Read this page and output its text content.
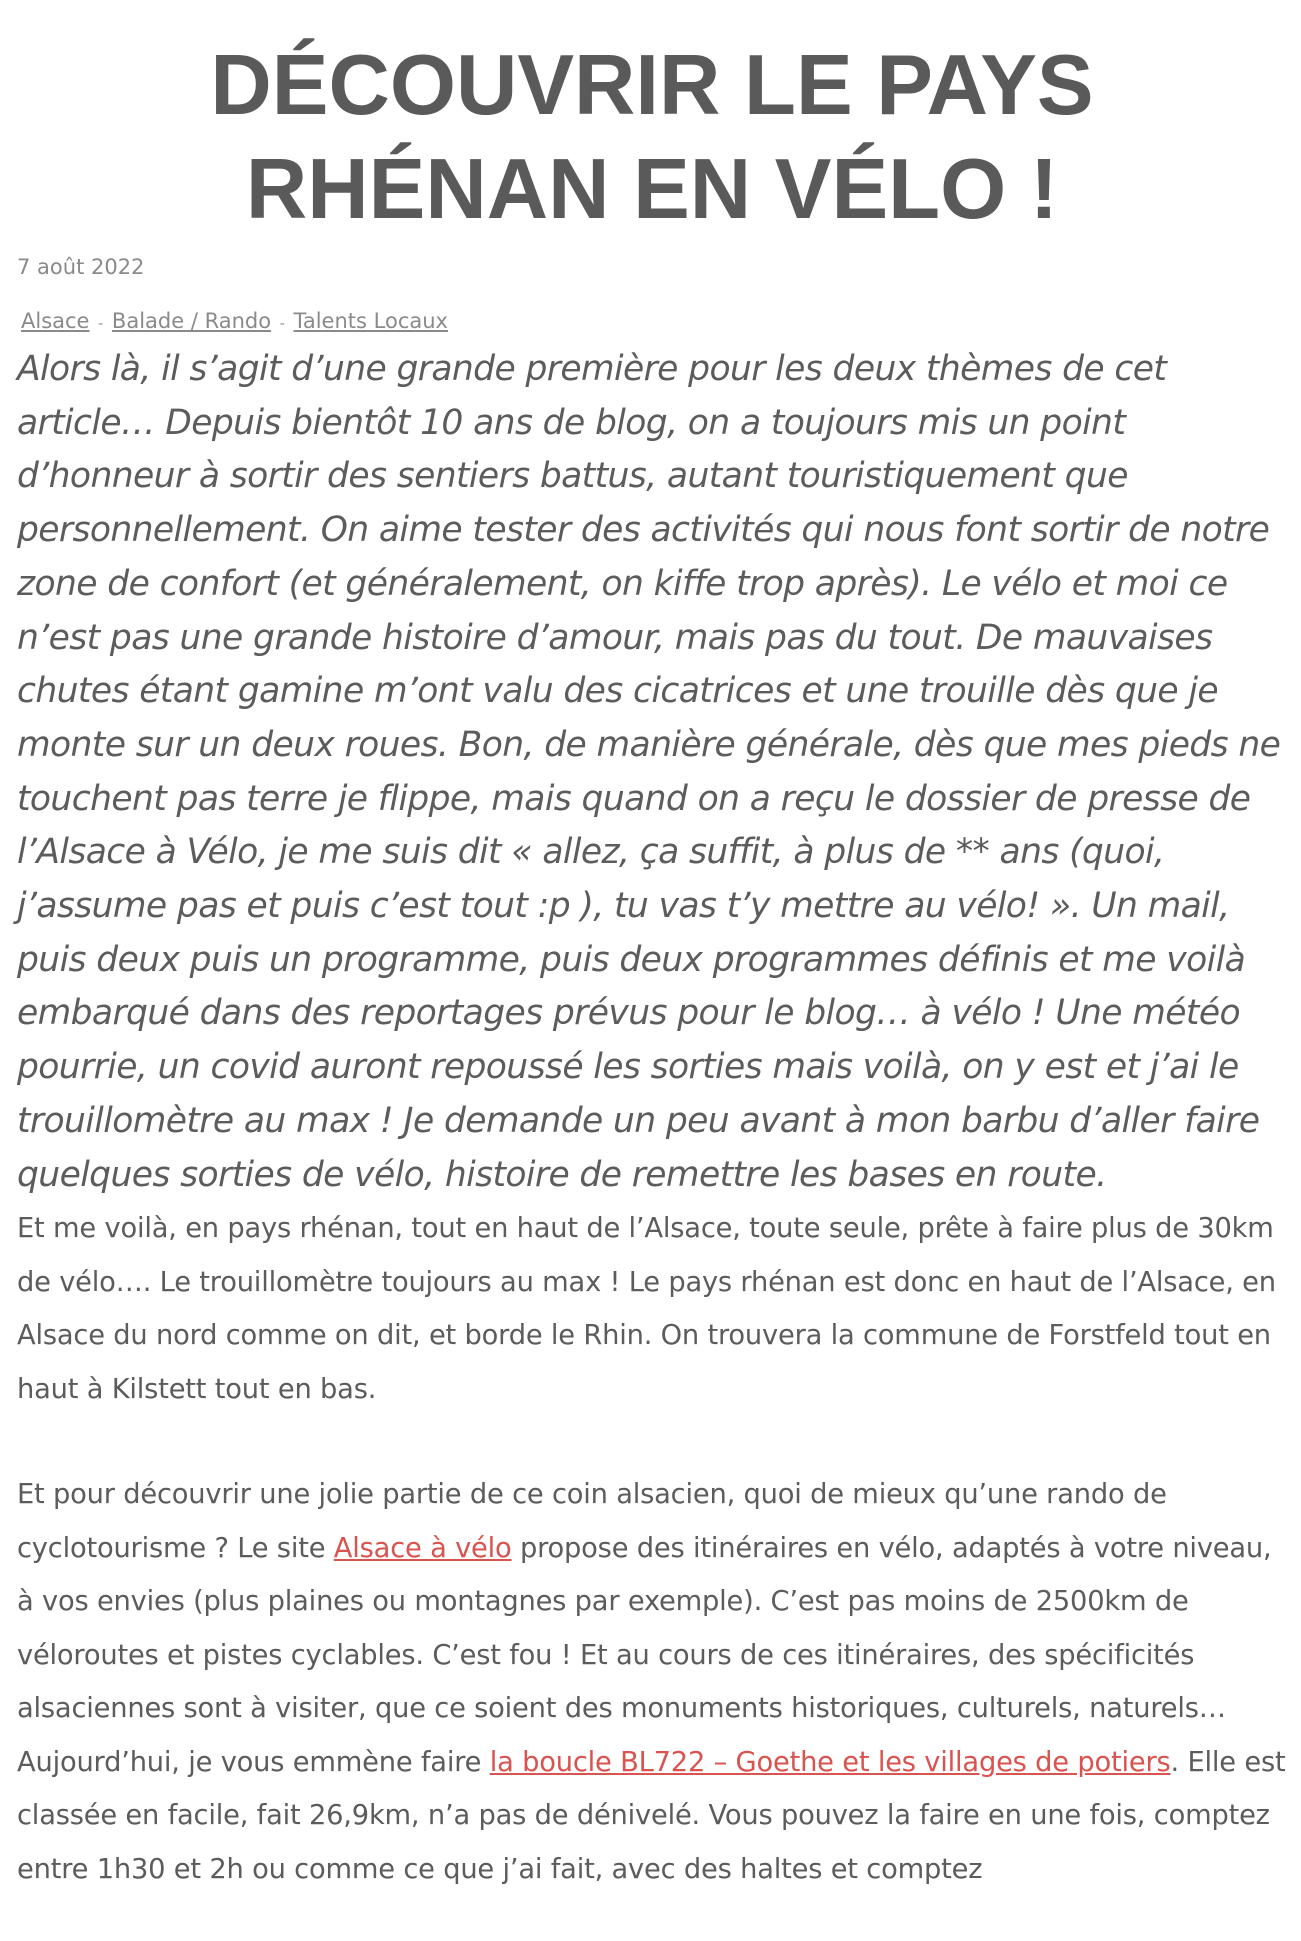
DÉCOUVRIR LE PAYS RHÉNAN EN VÉLO !
7 août 2022
Alsace - Balade / Rando - Talents Locaux

Alors là, il s’agit d’une grande première pour les deux thèmes de cet article… Depuis bientôt 10 ans de blog, on a toujours mis un point d’honneur à sortir des sentiers battus, autant touristiquement que personnellement. On aime tester des activités qui nous font sortir de notre zone de confort (et généralement, on kiffe trop après). Le vélo et moi ce n’est pas une grande histoire d’amour, mais pas du tout. De mauvaises chutes étant gamine m’ont valu des cicatrices et une trouille dès que je monte sur un deux roues. Bon, de manière générale, dès que mes pieds ne touchent pas terre je flippe, mais quand on a reçu le dossier de presse de l’Alsace à Vélo, je me suis dit « allez, ça suffit, à plus de ** ans (quoi, j’assume pas et puis c’est tout :p ), tu vas t’y mettre au vélo! ». Un mail, puis deux puis un programme, puis deux programmes définis et me voilà embarqué dans des reportages prévus pour le blog… à vélo ! Une météo pourrie, un covid auront repoussé les sorties mais voilà, on y est et j’ai le trouillomètre au max ! Je demande un peu avant à mon barbu d’aller faire quelques sorties de vélo, histoire de remettre les bases en route.

Et me voilà, en pays rhénan, tout en haut de l’Alsace, toute seule, prête à faire plus de 30km de vélo…. Le trouillomètre toujours au max ! Le pays rhénan est donc en haut de l’Alsace, en Alsace du nord comme on dit, et borde le Rhin. On trouvera la commune de Forstfeld tout en haut à Kilstett tout en bas.

Et pour découvrir une jolie partie de ce coin alsacien, quoi de mieux qu’une rando de cyclotourisme ? Le site Alsace à vélo propose des itinéraires en vélo, adaptés à votre niveau, à vos envies (plus plaines ou montagnes par exemple). C’est pas moins de 2500km de véloroutes et pistes cyclables. C’est fou ! Et au cours de ces itinéraires, des spécificités alsaciennes sont à visiter, que ce soient des monuments historiques, culturels, naturels…

Aujourd’hui, je vous emmène faire la boucle BL722 – Goethe et les villages de potiers. Elle est classée en facile, fait 26,9km, n’a pas de dénivelé. Vous pouvez la faire en une fois, comptez entre 1h30 et 2h ou comme ce que j’ai fait, avec des haltes et comptez
